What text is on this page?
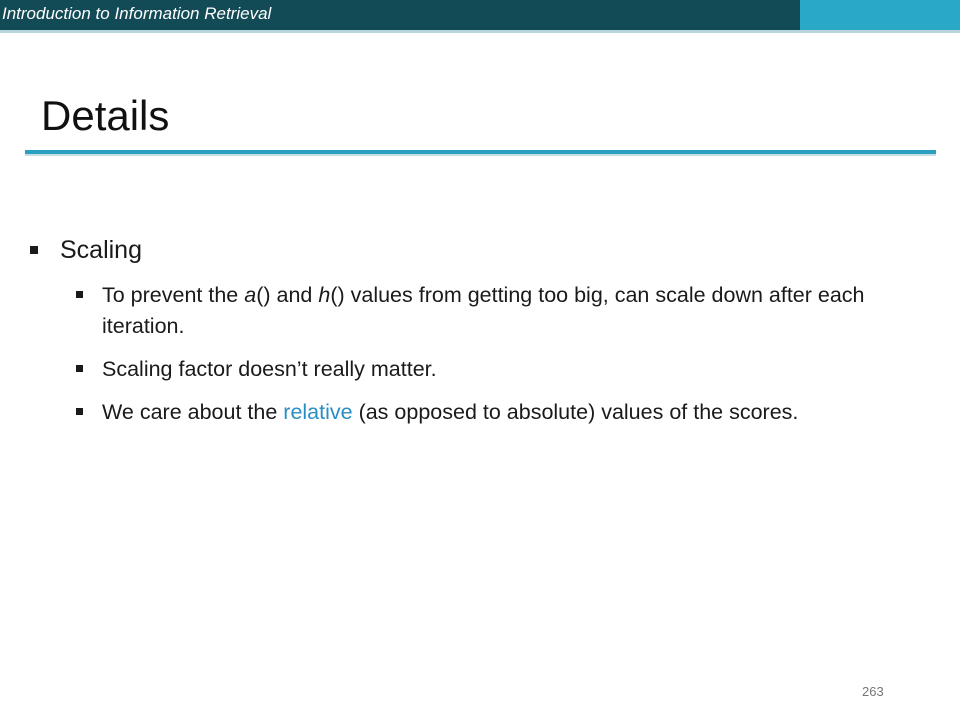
Introduction to Information Retrieval
Details
Scaling
To prevent the a() and h() values from getting too big, can scale down after each iteration.
Scaling factor doesn’t really matter.
We care about the relative (as opposed to absolute) values of the scores.
263
